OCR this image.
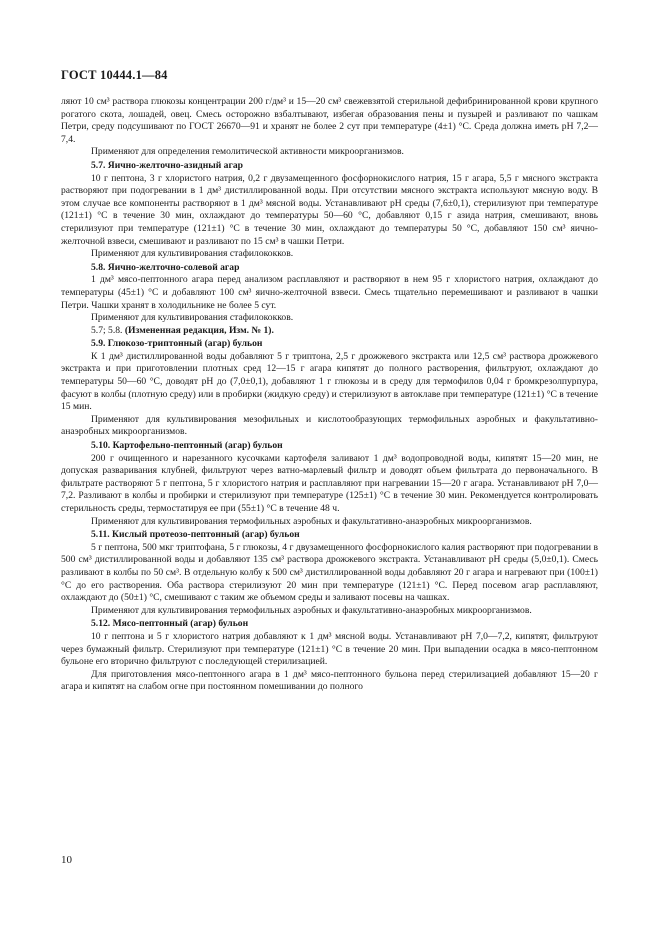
ГОСТ 10444.1—84

ляют 10 см³ раствора глюкозы концентрации 200 г/дм³ и 15—20 см³ свежевзятой стерильной дефибринированной крови крупного рогатого скота, лошадей, овец. Смесь осторожно взбалтывают, избегая образования пены и пузырей и разливают по чашкам Петри, среду подсушивают по ГОСТ 26670—91 и хранят не более 2 сут при температуре (4±1) °С. Среда должна иметь pH 7,2—7,4.

Применяют для определения гемолитической активности микроорганизмов.

5.7. Яично-желточно-азидный агар

10 г пептона, 3 г хлористого натрия, 0,2 г двузамещенного фосфорнокислого натрия, 15 г агара, 5,5 г мясного экстракта растворяют при подогревании в 1 дм³ дистиллированной воды. При отсутствии мясного экстракта используют мясную воду. В этом случае все компоненты растворяют в 1 дм³ мясной воды. Устанавливают pH среды (7,6±0,1), стерилизуют при температуре (121±1) °С в течение 30 мин, охлаждают до температуры 50—60 °С, добавляют 0,15 г азида натрия, смешивают, вновь стерилизуют при температуре (121±1) °С в течение 30 мин, охлаждают до температуры 50 °С, добавляют 150 см³ яично-желточной взвеси, смешивают и разливают по 15 см³ в чашки Петри.

Применяют для культивирования стафилококков.

5.8. Яично-желточно-солевой агар

1 дм³ мясо-пептонного агара перед анализом расплавляют и растворяют в нем 95 г хлористого натрия, охлаждают до температуры (45±1) °С и добавляют 100 см³ яично-желточной взвеси. Смесь тщательно перемешивают и разливают в чашки Петри. Чашки хранят в холодильнике не более 5 сут.

Применяют для культивирования стафилококков.

5.7; 5.8. (Измененная редакция, Изм. № 1).

5.9. Глюкозо-триптонный (агар) бульон

К 1 дм³ дистиллированной воды добавляют 5 г триптона, 2,5 г дрожжевого экстракта или 12,5 см³ раствора дрожжевого экстракта и при приготовлении плотных сред 12—15 г агара кипятят до полного растворения, фильтруют, охлаждают до температуры 50—60 °С, доводят pH до (7,0±0,1), добавляют 1 г глюкозы и в среду для термофилов 0,04 г бромкрезолпурпура, фасуют в колбы (плотную среду) или в пробирки (жидкую среду) и стерилизуют в автоклаве при температуре (121±1) °С в течение 15 мин.

Применяют для культивирования мезофильных и кислотообразующих термофильных аэробных и факультативно-анаэробных микроорганизмов.

5.10. Картофельно-пептонный (агар) бульон

200 г очищенного и нарезанного кусочками картофеля заливают 1 дм³ водопроводной воды, кипятят 15—20 мин, не допуская разваривания клубней, фильтруют через ватно-марлевый фильтр и доводят объем фильтрата до первоначального. В фильтрате растворяют 5 г пептона, 5 г хлористого натрия и расплавляют при нагревании 15—20 г агара. Устанавливают pH 7,0—7,2. Разливают в колбы и пробирки и стерилизуют при температуре (125±1) °С в течение 30 мин. Рекомендуется контролировать стерильность среды, термостатируя ее при (55±1) °С в течение 48 ч.

Применяют для культивирования термофильных аэробных и факультативно-анаэробных микроорганизмов.

5.11. Кислый протеозо-пептонный (агар) бульон

5 г пептона, 500 мкг триптофана, 5 г глюкозы, 4 г двузамещенного фосфорнокислого калия растворяют при подогревании в 500 см³ дистиллированной воды и добавляют 135 см³ раствора дрожжевого экстракта. Устанавливают pH среды (5,0±0,1). Смесь разливают в колбы по 50 см³. В отдельную колбу к 500 см³ дистиллированной воды добавляют 20 г агара и нагревают при (100±1) °С до его растворения. Оба раствора стерилизуют 20 мин при температуре (121±1) °С. Перед посевом агар расплавляют, охлаждают до (50±1) °С, смешивают с таким же объемом среды и заливают посевы на чашках.

Применяют для культивирования термофильных аэробных и факультативно-анаэробных микроорганизмов.

5.12. Мясо-пептонный (агар) бульон

10 г пептона и 5 г хлористого натрия добавляют к 1 дм³ мясной воды. Устанавливают pH 7,0—7,2, кипятят, фильтруют через бумажный фильтр. Стерилизуют при температуре (121±1) °С в течение 20 мин. При выпадении осадка в мясо-пептонном бульоне его вторично фильтруют с последующей стерилизацией.

Для приготовления мясо-пептонного агара в 1 дм³ мясо-пептонного бульона перед стерилизацией добавляют 15—20 г агара и кипятят на слабом огне при постоянном помешивании до полного

10
